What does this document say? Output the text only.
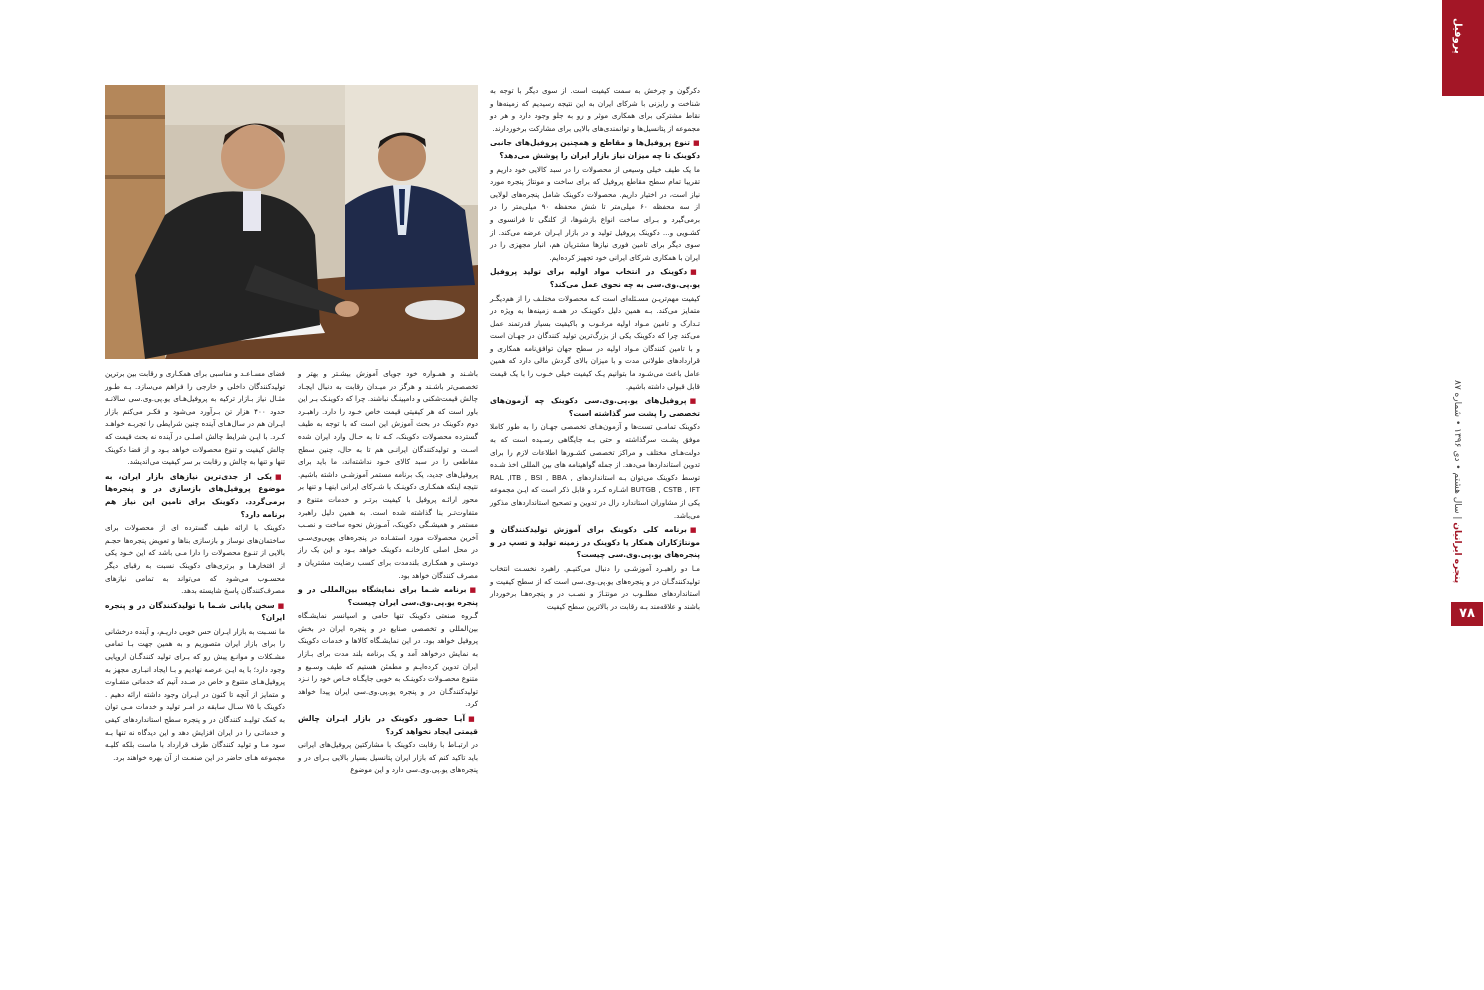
پروفیل
پنجره ایرانیان | سال هشتم • دی ۱۳۹۶ • شماره ۸۷
۷۸

دکرگون و چرخش به سمت کیفیت است. از سوی دیگر با توجه به شناخت و رایزنی با شرکای ایران به این نتیجه رسیدیم که زمینه‌ها و نقاط مشترکی برای همکاری موثر و رو به جلو وجود دارد و هر دو مجموعه از پتانسیل‌ها و توانمندی‌های بالایی برای مشارکت برخوردارند.

■ تنوع پروفیل‌ها و مقاطع و همچنین پروفیل‌های جانبی دکوینک تا چه میزان نیاز بازار ایران را پوشش می‌دهد؟

ما یک طیف خیلی وسیعی از محصولات را در سبد کالایی خود داریم و تقریبا تمام سطح مقاطع پروفیل که برای ساخت و مونتاژ پنجره مورد نیاز است، در اختیار داریم. محصولات دکوینک شامل پنجره‌های لولایی از سه محفظه ۶۰ میلی‌متر تا شش محفظه ۹۰ میلی‌متر را در برمی‌گیرد و بـرای ساخت انواع بازشوها، از کلنگی تا فرانسوی و کشـویی و... دکوینک پروفیل تولید و در بازار ایـران عرضه می‌کند. از سوی دیگر برای تامین فوری نیازها مشتریان هم، انبار مجهزی را در ایران با همکاری شرکای ایرانی خود تجهیز کرده‌ایم.

■ دکوینک در انتخاب مواد اولیه برای تولید پروفیل یو.پی.وی.سی به چه نحوی عمل می‌کند؟

کیفیت مهم‌تریـن مسـئله‌ای است کـه محصولات مختلـف را از هم‌دیگـر متمایز می‌کند. بـه همین دلیل دکوینـک در همـه زمینه‌ها به ویژه در تـدارک و تامین مـواد اولیه مرغـوب و باکیفیت بسیار قدرتمند عمل می‌کند چرا که دکوینک یکی از بزرگ‌ترین تولید کنندگان در جهـان است و با تامین کنندگان مـواد اولیه در سطح جهان توافق‌نامه همکاری و قراردادهای طولانی مدت و با میزان بالای گردش مالی دارد که همین عامل باعث می‌شـود ما بتوانیم یـک کیفیت خیلی خـوب را با یک قیمت قابل قبولی داشته باشیم.

■ پروفیل‌های یو.پی.وی.سی دکوینک چه آزمون‌های تخصصی را پشت سر گذاشته است؟

دکوینک تمامـی تست‌ها و آزمون‌هـای تخصصی جهـان را به طور کاملا موفق پشـت سرگذاشته و حتی بـه جایگاهی رسـیده است که به دولت‌هـای مختلف و مراکز تخصصی کشـورها اطلاعات لازم را برای تدوین استانداردها می‌دهد. از جمله گواهینامه های بین المللی اخذ شـده توسط دکوینک می‌توان بـه استانداردهای RAL ,ITB , BSI , BBA , BUTGB , CSTB , IFT اشـاره کـرد و قابل ذکر است که ایـن مجموعه یکی از مشاوران استاندارد رال در تدوین و تصحیح استانداردهای مذکور می‌باشد.

■ برنامه کلی دکوینک برای آموزش تولیدکنندگان و مونتاژکاران همکار یا دکوینک در زمینه تولید و تسپ در و پنجره‌های یو.پی.وی.سی چیست؟

مـا دو راهبـرد آموزشـی را دنبال می‌کنیـم. راهبرد نخسـت انتخاب تولیدکنندگـان در و پنجره‌های یو.پی.وی.سی است که از سطح کیفیت و استانداردهای مطلـوب در مونتـاژ و نصـب در و پنجره‌هـا برخوردار باشند و علاقه‌مند بـه رقابت در بالاترین سطح کیفیت

باشـند و همـواره خود جویای آموزش بیشـتر و بهتر و تخصصی‌تر باشـند و هرگز در میـدان رقابت به دنبال ایجـاد چالش قیمت‌شکنی و دامپینـگ نباشند. چرا که دکوینـک بـر این باور است که هر کیفیتی قیمت خاص خـود را دارد. راهبـرد دوم دکوینک در بحث آموزش این است که با توجه به طیف گسترده محصولات دکوینک، کـه تا به حـال وارد ایران شده اسـت و تولیدکنندگان ایرانـی هم تا به حال، چنین سطح مقاطعی را در سبد کالای خـود نداشته‌اند، ما باید برای پروفیل‌های جدید، یک برنامه مستمر آموزشـی داشته باشیم. نتیجه اینکه همکـاری دکوینـک با شـرکای ایرانی اینهـا و تنها بر محور ارائـه پروفیل با کیفیت برتـر و خدمات متنوع و متفاوت‌تـر بنا گذاشته شده است. به همین دلیل راهبرد مستمر و همیشـگی دکوینک، آمـوزش نحوه ساخت و نصـب آخرین محصولات مورد استفـاده در پنجره‌های یوپی‌وی‌سـی در محل اصلی کارخانـه دکوینک خواهد بـود و این یک راز دوستی و همکـاری بلندمدت برای کسب رضایت مشتریان و مصرف کنندگان خواهد بود.

■ برنامه شـما برای نمایشگاه بین‌المللی در و پنجره یو.پی.وی.سی ایران چیست؟

گـروه صنعتی دکوینک تنها حامی و اسپانسر نمایشـگاه بین‌المللی و تخصصی صنایع در و پنجره ایران در بخش پروفیل خواهد بود. در این نمایشـگاه کالاها و خدمات دکوینک به نمایش درخواهد آمد و یک برنامه بلند مدت برای بـازار ایران تدوین کرده‌ایـم و مطمئن هستیم که طیف وسـیع و متنوع محصـولات دکوینـک به خوبی جایگـاه خـاص خود را نـزد تولیدکنندگـان در و پنجره یو.پی.وی.سی ایران پیدا خواهد کرد.

■ آیـا حضـور دکوینک در بازار ایـران چالش قیمتی ایجاد نخواهد کرد؟

در ارتبـاط با رقابت دکوینک با مشارکتین پروفیل‌های ایرانی باید تاکید کنم که بازار ایران پتانسیل بسیار بالایی بـرای در و پنجره‌های یو.پی.وی.سی دارد و این موضوع

فضای مسـاعـد و مناسبی برای همکـاری و رقابت بین برترین تولیدکنندگان داخلی و خارجی را فراهم می‌سازد. بـه طـور مثـال نیاز بـازار ترکیه به پروفیل‌هـای یو.پی.وی.سی سالانـه حدود ۴۰۰ هزار تن بـرآورد می‌شود و فکـر می‌کنم بازار ایـران هم در سال‌هـای آینده چنین شرایطی را تجربـه خواهـد کـرد. با ایـن شرایط چالش اصلـی در آینده نه بحث قیمت که چالش کیفیت و تنوع محصولات خواهد بـود و از قضا دکوینک تنها و تنها به چالش و رقابت بر سر کیفیت می‌اندیشد.

■ یکی از جدی‌ترین نیازهای بازار ایران، به موضوع پروفیل‌های بازسازی در و پنجره‌ها برمی‌گردد. دکوینک برای تامین این نیاز هم برنامه دارد؟

دکوینک با ارائه طیف گسترده ای از محصولات برای ساختمان‌های نوساز و بازسازی بناها و تعویض پنجره‌ها حجـم بالایی از تنـوع محصولات را دارا مـی باشد که این خـود یکی از افتخارهـا و برتری‌های دکوینک نسبت به رقبای دیگر محسـوب می‌شود که می‌تواند به تمامی نیازهای مصرف‌کنندگان پاسخ شایسته بدهد.

■ سخن پایانی شـما با تولیدکنندگان در و پنجره ایران؟

ما نسـبت به بازار ایـران حس خوبی داریـم، و آینده درخشانی را برای بازار ایران متصوریم و به همین جهت بـا تمامی مشـکلات و موانـع پیش رو که بـرای تولید کنندگـان اروپایی وجود دارد؛ با یه ایـن عرصه نهادیم و بـا ایجاد انبـاری مجهز به پروفیل‌هـای متنوع و خاص در صـدد آنیم که خدماتی متفـاوت و متمایز از آنچه تا کنون در ایـران وجود داشته ارائه دهیم . دکوینک با ۷۵ سـال سابقه در امـر تولید و خدمات مـی توان به کمک تولیـد کنندگان در و پنجره سطح استانداردهای کیفی و خدماتـی را در ایران افزایش دهد و این دیدگاه نه تنها بـه سود مـا و تولید کنندگان طرف قرارداد با ماست بلکه کلیـه مجموعه هـای حاضر در این صنعـت از آن بهره خواهند برد.
